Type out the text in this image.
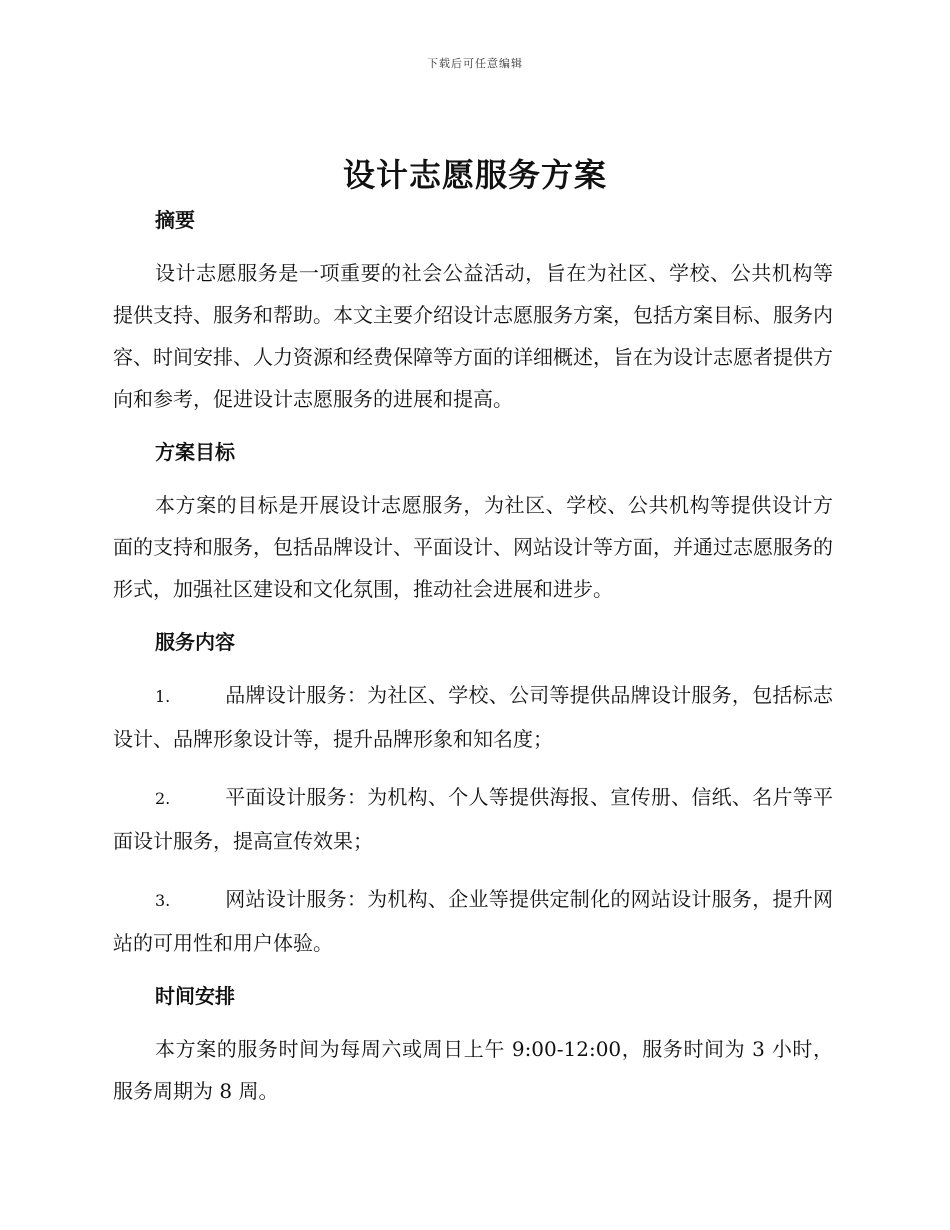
下载后可任意编辑
设计志愿服务方案
摘要

设计志愿服务是一项重要的社会公益活动，旨在为社区、学校、公共机构等提供支持、服务和帮助。本文主要介绍设计志愿服务方案，包括方案目标、服务内容、时间安排、人力资源和经费保障等方面的详细概述，旨在为设计志愿者提供方向和参考，促进设计志愿服务的进展和提高。

方案目标

本方案的目标是开展设计志愿服务，为社区、学校、公共机构等提供设计方面的支持和服务，包括品牌设计、平面设计、网站设计等方面，并通过志愿服务的形式，加强社区建设和文化氛围，推动社会进展和进步。

服务内容

1.	品牌设计服务：为社区、学校、公司等提供品牌设计服务，包括标志设计、品牌形象设计等，提升品牌形象和知名度；

2.	平面设计服务：为机构、个人等提供海报、宣传册、信纸、名片等平面设计服务，提高宣传效果；

3.	网站设计服务：为机构、企业等提供定制化的网站设计服务，提升网站的可用性和用户体验。

时间安排

本方案的服务时间为每周六或周日上午 9:00-12:00，服务时间为 3 小时，服务周期为 8 周。
